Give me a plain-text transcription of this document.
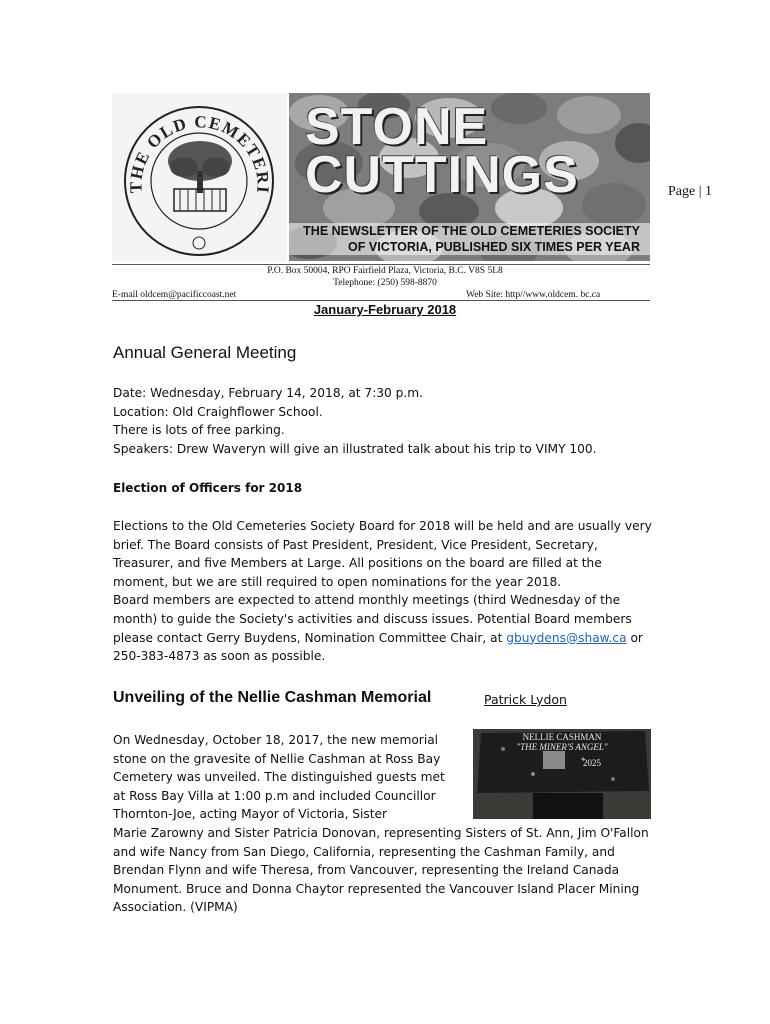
THE OLD CEMETERI
STONE
CUTTINGS
THE NEWSLETTER OF THE OLD CEMETERIES SOCIETY
OF VICTORIA, PUBLISHED SIX TIMES PER YEAR
Page | 1
P.O. Box 50004, RPO Fairfield Plaza, Victoria, B.C. V8S 5L8
Telephone: (250) 598-8870
E-mail oldcem@pacificcoast.net	Web Site: http//www.oldcem. bc.ca
January-February 2018
Annual General Meeting

Date: Wednesday, February 14, 2018, at 7:30 p.m.

Location: Old Craighflower School.

There is lots of free parking.

Speakers: Drew Waveryn will give an illustrated talk about his trip to VIMY 100.

Election of Officers for 2018

Elections to the Old Cemeteries Society Board for 2018 will be held and are usually very brief. The Board consists of Past President, President, Vice President, Secretary, Treasurer, and five Members at Large. All positions on the board are filled at the moment, but we are still required to open nominations for the year 2018.

Board members are expected to attend monthly meetings (third Wednesday of the month) to guide the Society's activities and discuss issues. Potential Board members please contact Gerry Buydens, Nomination Committee Chair, at gbuydens@shaw.ca or 250-383-4873 as soon as possible.

Unveiling of the Nellie Cashman Memorial	Patrick Lydon
NELLIE CASHMAN
"THE MINER'S ANGEL"
2025

On Wednesday, October 18, 2017, the new memorial

stone on the gravesite of Nellie Cashman at Ross Bay

Cemetery was unveiled. The distinguished guests met

at Ross Bay Villa at 1:00 p.m and included Councillor

Thornton-Joe, acting Mayor of Victoria, Sister

Marie Zarowny and Sister Patricia Donovan, representing Sisters of St. Ann, Jim O'Fallon and wife Nancy from San Diego, California, representing the Cashman Family, and Brendan Flynn and wife Theresa, from Vancouver, representing the Ireland Canada Monument. Bruce and Donna Chaytor represented the Vancouver Island Placer Mining Association. (VIPMA)
